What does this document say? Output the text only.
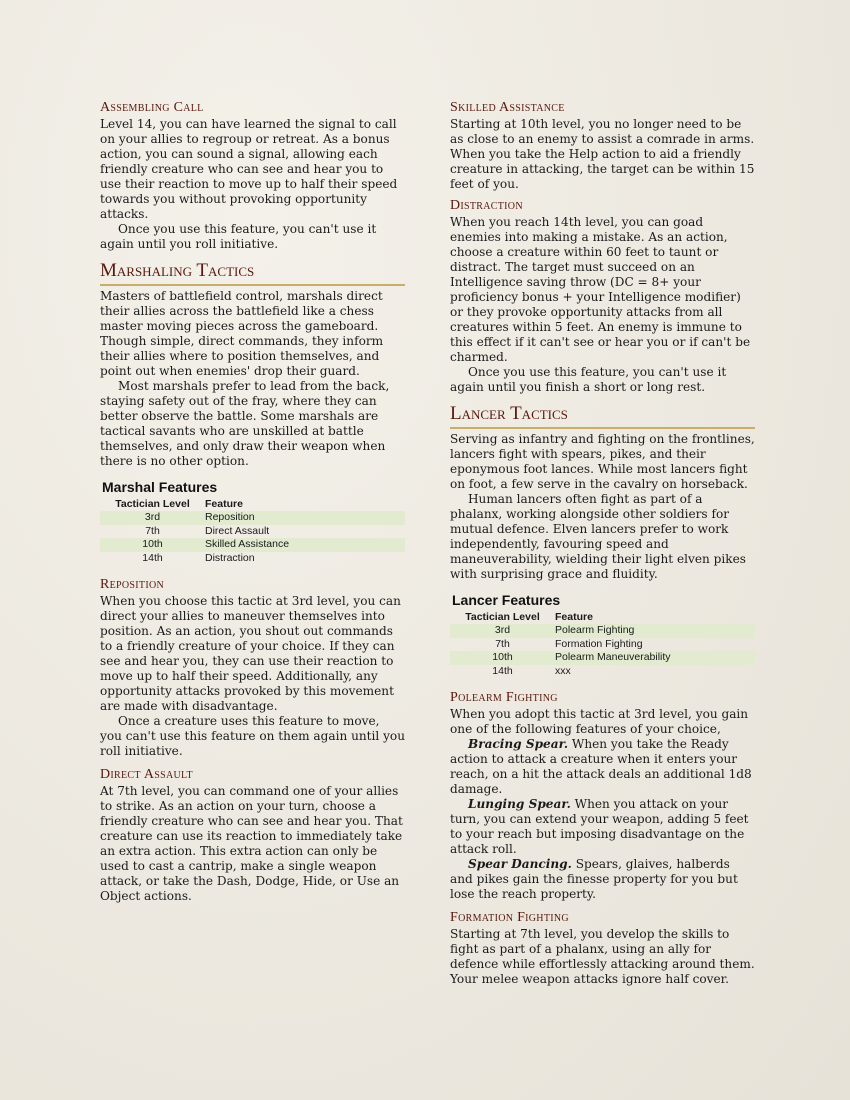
Assembling Call

Level 14, you can have learned the signal to call on your allies to regroup or retreat. As a bonus action, you can sound a signal, allowing each friendly creature who can see and hear you to use their reaction to move up to half their speed towards you without provoking opportunity attacks.

Once you use this feature, you can't use it again until you roll initiative.

Marshaling Tactics

Masters of battlefield control, marshals direct their allies across the battlefield like a chess master moving pieces across the gameboard. Though simple, direct commands, they inform their allies where to position themselves, and point out when enemies' drop their guard.

Most marshals prefer to lead from the back, staying safety out of the fray, where they can better observe the battle. Some marshals are tactical savants who are unskilled at battle themselves, and only draw their weapon when there is no other option.

Marshal Features
Tactician Level	Feature
3rd	Reposition
7th	Direct Assault
10th	Skilled Assistance
14th	Distraction
Reposition

When you choose this tactic at 3rd level, you can direct your allies to maneuver themselves into position. As an action, you shout out commands to a friendly creature of your choice. If they can see and hear you, they can use their reaction to move up to half their speed. Additionally, any opportunity attacks provoked by this movement are made with disadvantage.

Once a creature uses this feature to move, you can't use this feature on them again until you roll initiative.

Direct Assault

At 7th level, you can command one of your allies to strike. As an action on your turn, choose a friendly creature who can see and hear you. That creature can use its reaction to immediately take an extra action. This extra action can only be used to cast a cantrip, make a single weapon attack, or take the Dash, Dodge, Hide, or Use an Object actions.

Skilled Assistance

Starting at 10th level, you no longer need to be as close to an enemy to assist a comrade in arms. When you take the Help action to aid a friendly creature in attacking, the target can be within 15 feet of you.

Distraction

When you reach 14th level, you can goad enemies into making a mistake. As an action, choose a creature within 60 feet to taunt or distract. The target must succeed on an Intelligence saving throw (DC = 8+ your proficiency bonus + your Intelligence modifier) or they provoke opportunity attacks from all creatures within 5 feet. An enemy is immune to this effect if it can't see or hear you or if can't be charmed.

Once you use this feature, you can't use it again until you finish a short or long rest.

Lancer Tactics

Serving as infantry and fighting on the frontlines, lancers fight with spears, pikes, and their eponymous foot lances. While most lancers fight on foot, a few serve in the cavalry on horseback.

Human lancers often fight as part of a phalanx, working alongside other soldiers for mutual defence. Elven lancers prefer to work independently, favouring speed and maneuverability, wielding their light elven pikes with surprising grace and fluidity.

Lancer Features
Tactician Level	Feature
3rd	Polearm Fighting
7th	Formation Fighting
10th	Polearm Maneuverability
14th	xxx
Polearm Fighting

When you adopt this tactic at 3rd level, you gain one of the following features of your choice,

Bracing Spear. When you take the Ready action to attack a creature when it enters your reach, on a hit the attack deals an additional 1d8 damage.

Lunging Spear. When you attack on your turn, you can extend your weapon, adding 5 feet to your reach but imposing disadvantage on the attack roll.

Spear Dancing. Spears, glaives, halberds and pikes gain the finesse property for you but lose the reach property.

Formation Fighting

Starting at 7th level, you develop the skills to fight as part of a phalanx, using an ally for defence while effortlessly attacking around them. Your melee weapon attacks ignore half cover.
